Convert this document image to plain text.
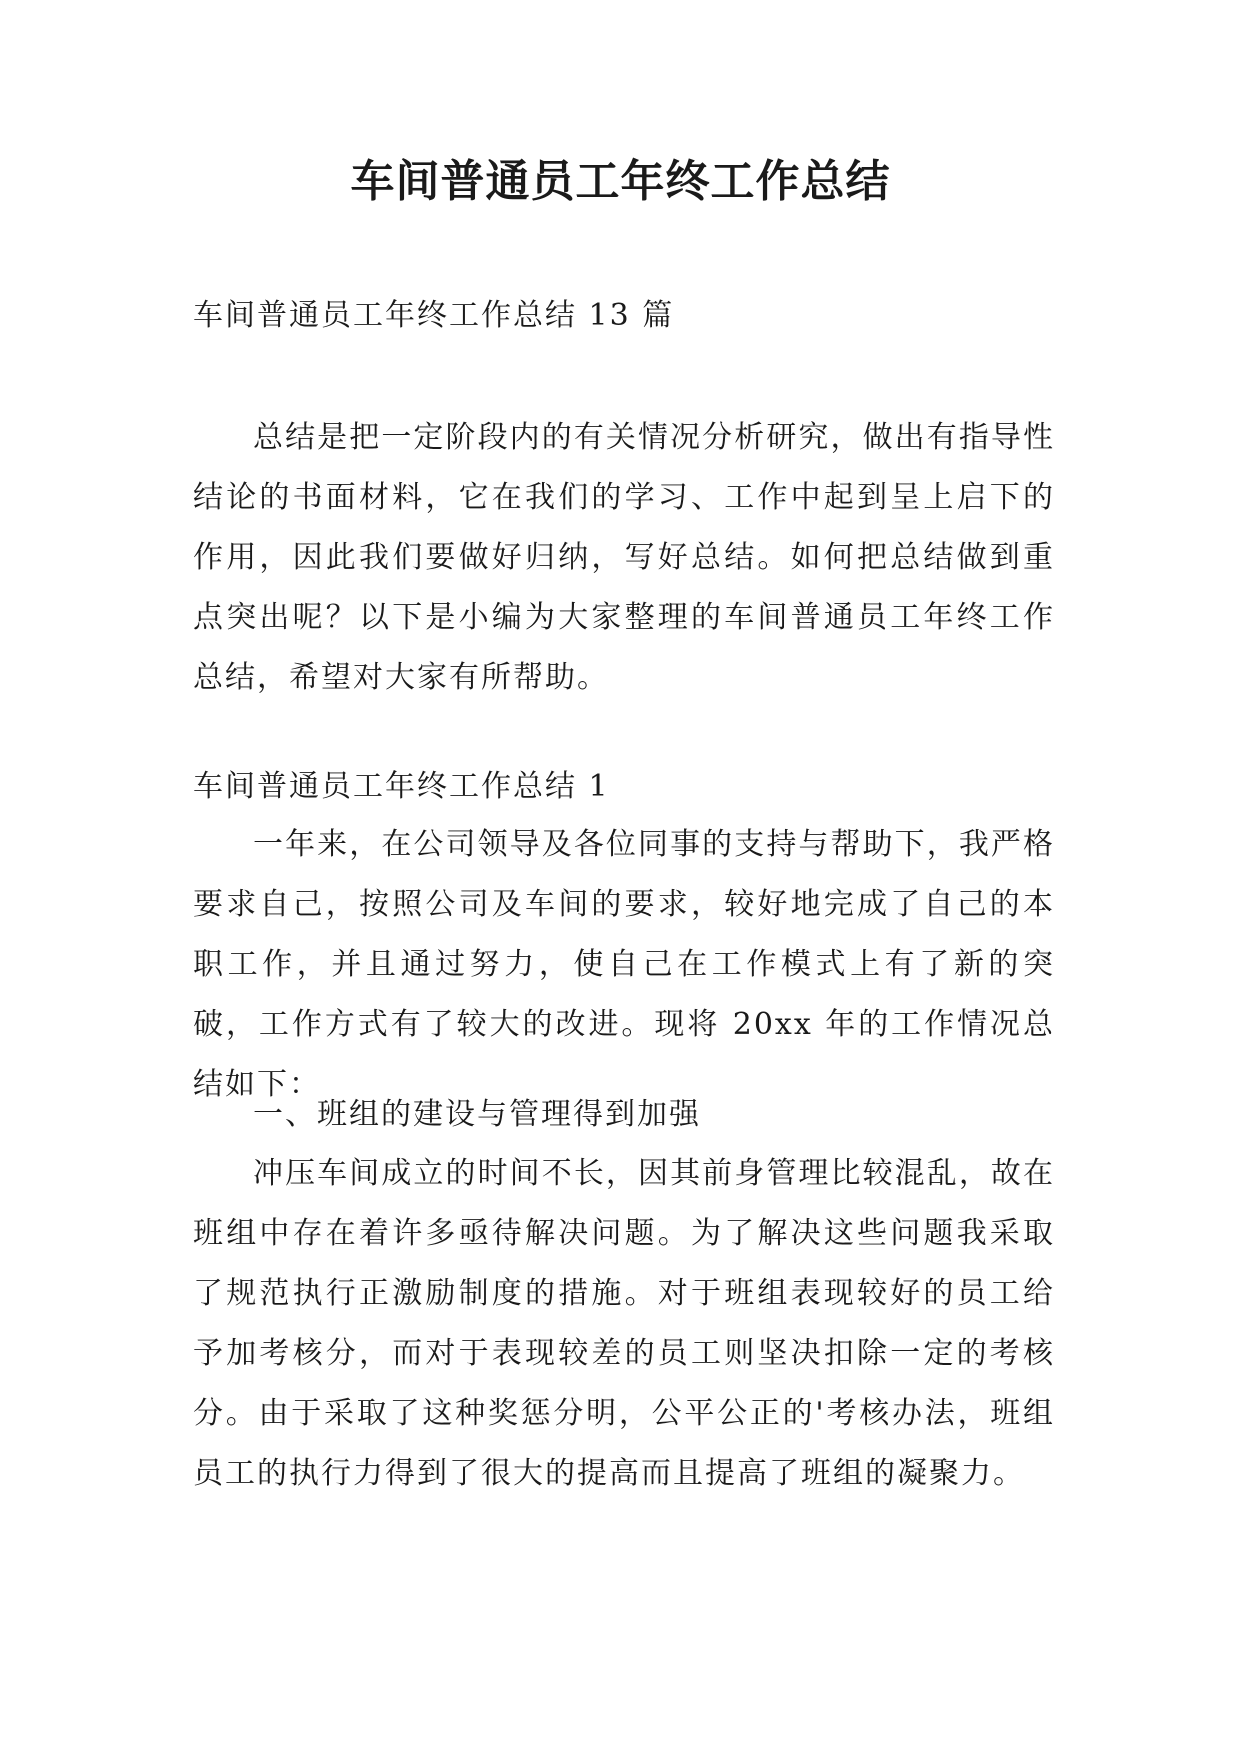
车间普通员工年终工作总结

车间普通员工年终工作总结 13 篇

总结是把一定阶段内的有关情况分析研究，做出有指导性结论的书面材料，它在我们的学习、工作中起到呈上启下的作用，因此我们要做好归纳，写好总结。如何把总结做到重点突出呢？以下是小编为大家整理的车间普通员工年终工作总结，希望对大家有所帮助。

车间普通员工年终工作总结 1

一年来，在公司领导及各位同事的支持与帮助下，我严格要求自己，按照公司及车间的要求，较好地完成了自己的本职工作，并且通过努力，使自己在工作模式上有了新的突破，工作方式有了较大的改进。现将 20xx 年的工作情况总结如下：

一、班组的建设与管理得到加强

冲压车间成立的时间不长，因其前身管理比较混乱，故在班组中存在着许多亟待解决问题。为了解决这些问题我采取了规范执行正激励制度的措施。对于班组表现较好的员工给予加考核分，而对于表现较差的员工则坚决扣除一定的考核分。由于采取了这种奖惩分明，公平公正的'考核办法，班组员工的执行力得到了很大的提高而且提高了班组的凝聚力。
